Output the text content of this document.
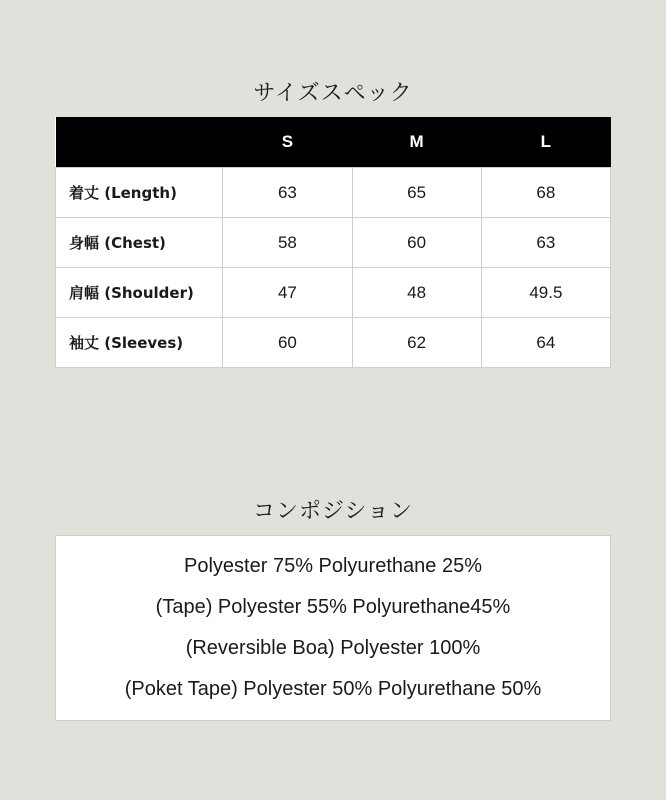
サイズスペック
	S	M	L
着丈 (Length)	63	65	68
身幅 (Chest)	58	60	63
肩幅 (Shoulder)	47	48	49.5
袖丈 (Sleeves)	60	62	64
コンポジション
Polyester 75% Polyurethane 25%
(Tape) Polyester 55% Polyurethane45%
(Reversible Boa) Polyester 100%
(Poket Tape) Polyester 50% Polyurethane 50%
